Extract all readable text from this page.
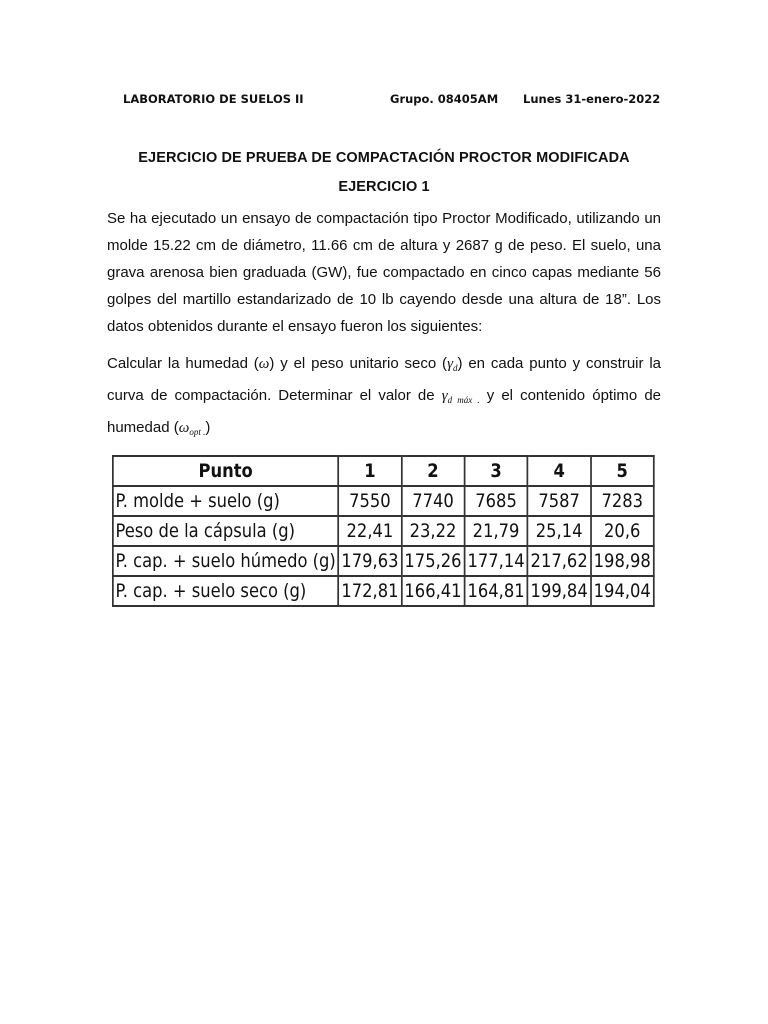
LABORATORIO DE SUELOS II	Grupo. 08405AM Lunes 31-enero-2022
EJERCICIO DE PRUEBA DE COMPACTACIÓN PROCTOR MODIFICADA
EJERCICIO 1
Se ha ejecutado un ensayo de compactación tipo Proctor Modificado, utilizando un molde 15.22 cm de diámetro, 11.66 cm de altura y 2687 g de peso. El suelo, una grava arenosa bien graduada (GW), fue compactado en cinco capas mediante 56 golpes del martillo estandarizado de 10 lb cayendo desde una altura de 18”. Los datos obtenidos durante el ensayo fueron los siguientes:
Calcular la humedad (ω) y el peso unitario seco $(\gamma_d)$ en cada punto y construir la curva de compactación. Determinar el valor de $\gamma_{d máx .}$ y el contenido óptimo de humedad $(\omega_{opt .})$
Punto	1	2	3	4	5
P. molde + suelo (g)	7550	7740	7685	7587	7283
Peso de la cápsula (g)	22,41	23,22	21,79	25,14	20,6
P. cap. + suelo húmedo (g)	179,63	175,26	177,14	217,62	198,98
P. cap. + suelo seco (g)	172,81	166,41	164,81	199,84	194,04
